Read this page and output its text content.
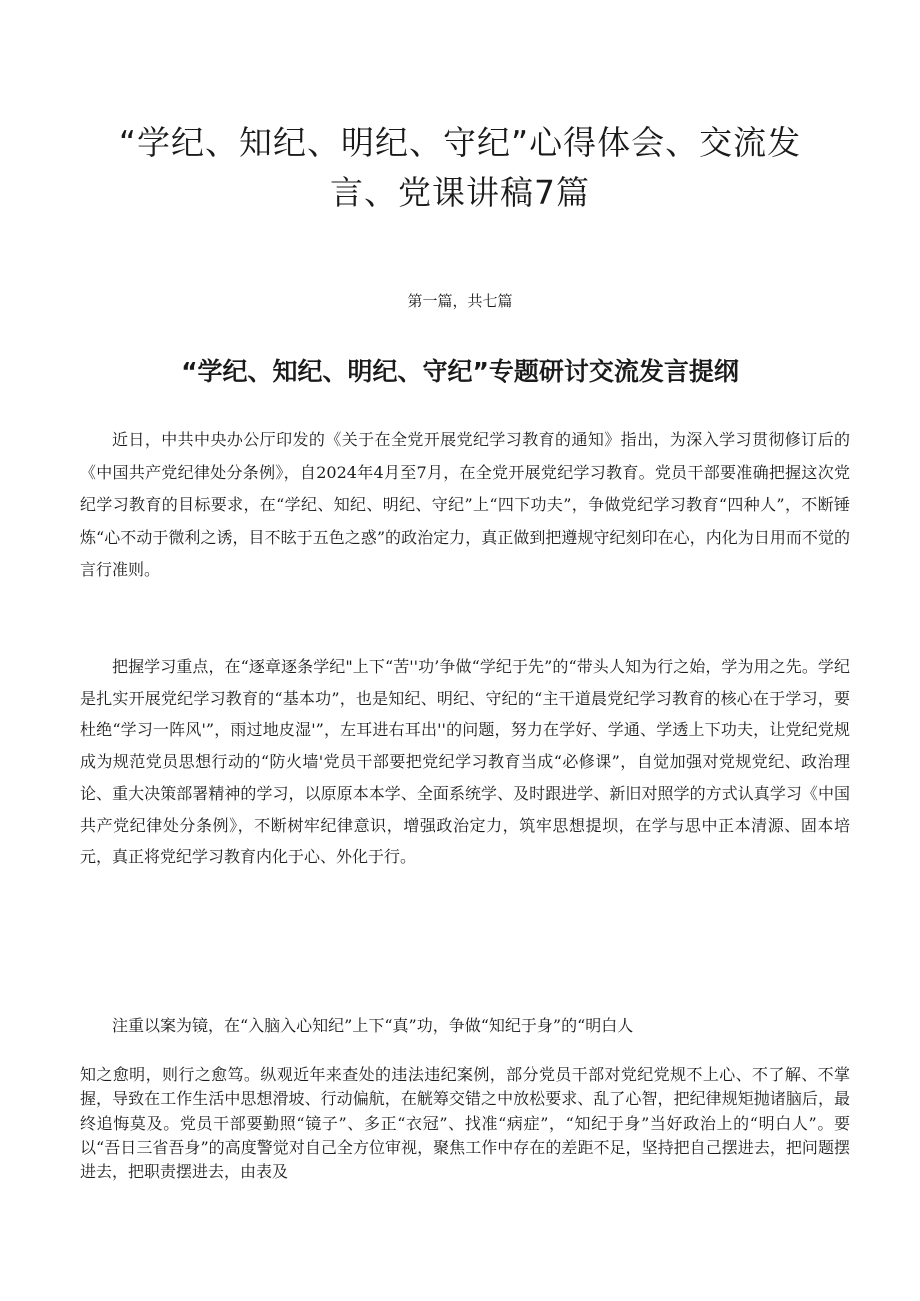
“学纪、知纪、明纪、守纪”心得体会、交流发言、党课讲稿7篇

第一篇，共七篇

“学纪、知纪、明纪、守纪”专题研讨交流发言提纲

近日，中共中央办公厅印发的《关于在全党开展党纪学习教育的通知》指出，为深入学习贯彻修订后的《中国共产党纪律处分条例》，自2024年4月至7月，在全党开展党纪学习教育。党员干部要准确把握这次党纪学习教育的目标要求，在“学纪、知纪、明纪、守纪”上“四下功夫”，争做党纪学习教育“四种人”，不断锤炼“心不动于微利之诱，目不眩于五色之惑”的政治定力，真正做到把遵规守纪刻印在心，内化为日用而不觉的言行准则。

把握学习重点，在“逐章逐条学纪"上下“苦''功’争做“学纪于先”的“带头人知为行之始，学为用之先。学纪是扎实开展党纪学习教育的“基本功”，也是知纪、明纪、守纪的“主干道晨党纪学习教育的核心在于学习，要杜绝“学习一阵风'”，雨过地皮湿'”，左耳进右耳出''的问题，努力在学好、学通、学透上下功夫，让党纪党规成为规范党员思想行动的“防火墙'党员干部要把党纪学习教育当成“必修课”，自觉加强对党规党纪、政治理论、重大决策部署精神的学习，以原原本本学、全面系统学、及时跟进学、新旧对照学的方式认真学习《中国共产党纪律处分条例》，不断树牢纪律意识，增强政治定力，筑牢思想提坝，在学与思中正本清源、固本培元，真正将党纪学习教育内化于心、外化于行。

注重以案为镜，在“入脑入心知纪”上下“真”功，争做“知纪于身”的“明白人

知之愈明，则行之愈笃。纵观近年来查处的违法违纪案例，部分党员干部对党纪党规不上心、不了解、不掌握，导致在工作生活中思想滑坡、行动偏航，在觥筹交错之中放松要求、乱了心智，把纪律规矩抛诸脑后，最终追悔莫及。党员干部要勤照“镜子”、多正“衣冠”、找准“病症”，“知纪于身”当好政治上的“明白人”。要以“吾日三省吾身”的高度警觉对自己全方位审视，聚焦工作中存在的差距不足，坚持把自己摆进去，把问题摆进去，把职责摆进去，由表及
